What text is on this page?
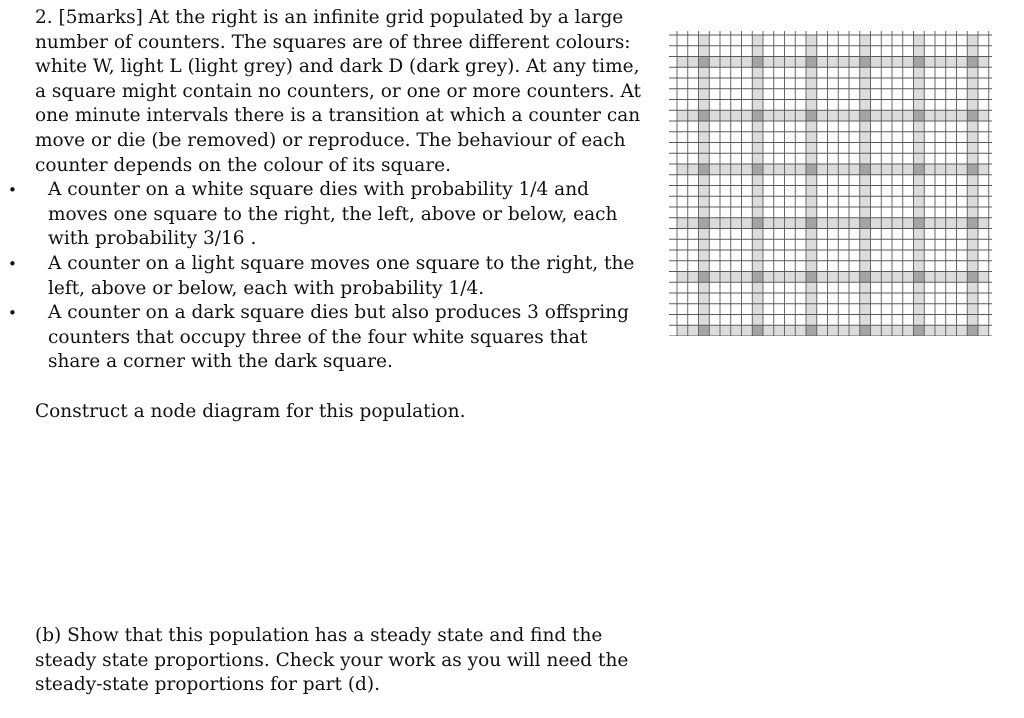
2. [5marks] At the right is an infinite grid populated by a large number of counters. The squares are of three different colours: white W, light L (light grey) and dark D (dark grey). At any time, a square might contain no counters, or one or more counters. At one minute intervals there is a transition at which a counter can move or die (be removed) or reproduce. The behaviour of each counter depends on the colour of its square.

• A counter on a white square dies with probability 1/4 and moves one square to the right, the left, above or below, each with probability 3/16 .
• A counter on a light square moves one square to the right, the left, above or below, each with probability 1/4.
• A counter on a dark square dies but also produces 3 offspring counters that occupy three of the four white squares that share a corner with the dark square.

Construct a node diagram for this population.

(b) Show that this population has a steady state and find the steady state proportions. Check your work as you will need the steady-state proportions for part (d).
